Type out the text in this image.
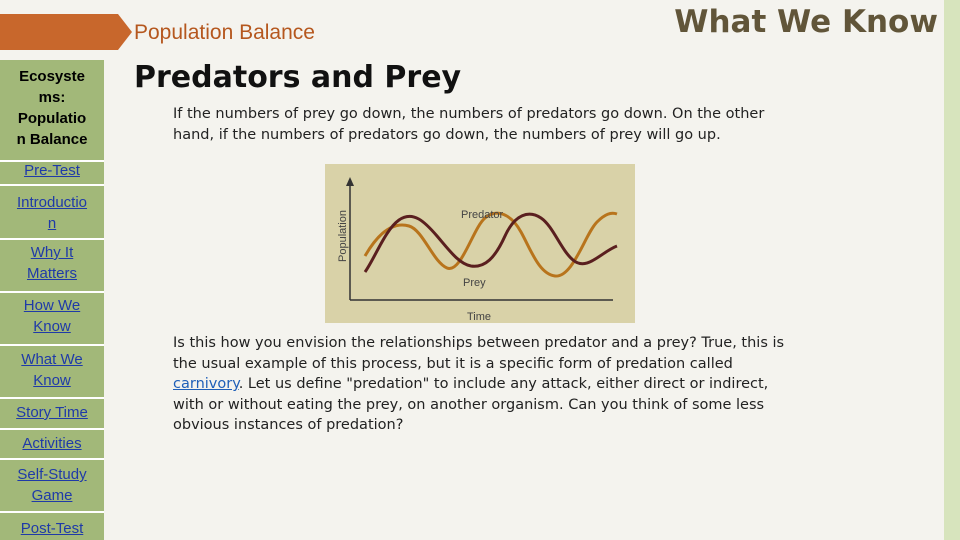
Population Balance	What We Know
Ecosyste
ms:
Populatio
n Balance
Pre-Test
Introductio
n
Why It
Matters
How We
Know
What We
Know
Story Time
Activities
Self-Study
Game
Post-Test
Predators and Prey

If the numbers of prey go down, the numbers of predators go down. On the other hand, if the numbers of predators go down, the numbers of prey will go up.

Predator
Prey
Population
Time

Is this how you envision the relationships between predator and a prey? True, this is the usual example of this process, but it is a specific form of predation called carnivory. Let us define "predation" to include any attack, either direct or indirect, with or without eating the prey, on another organism. Can you think of some less obvious instances of predation?
